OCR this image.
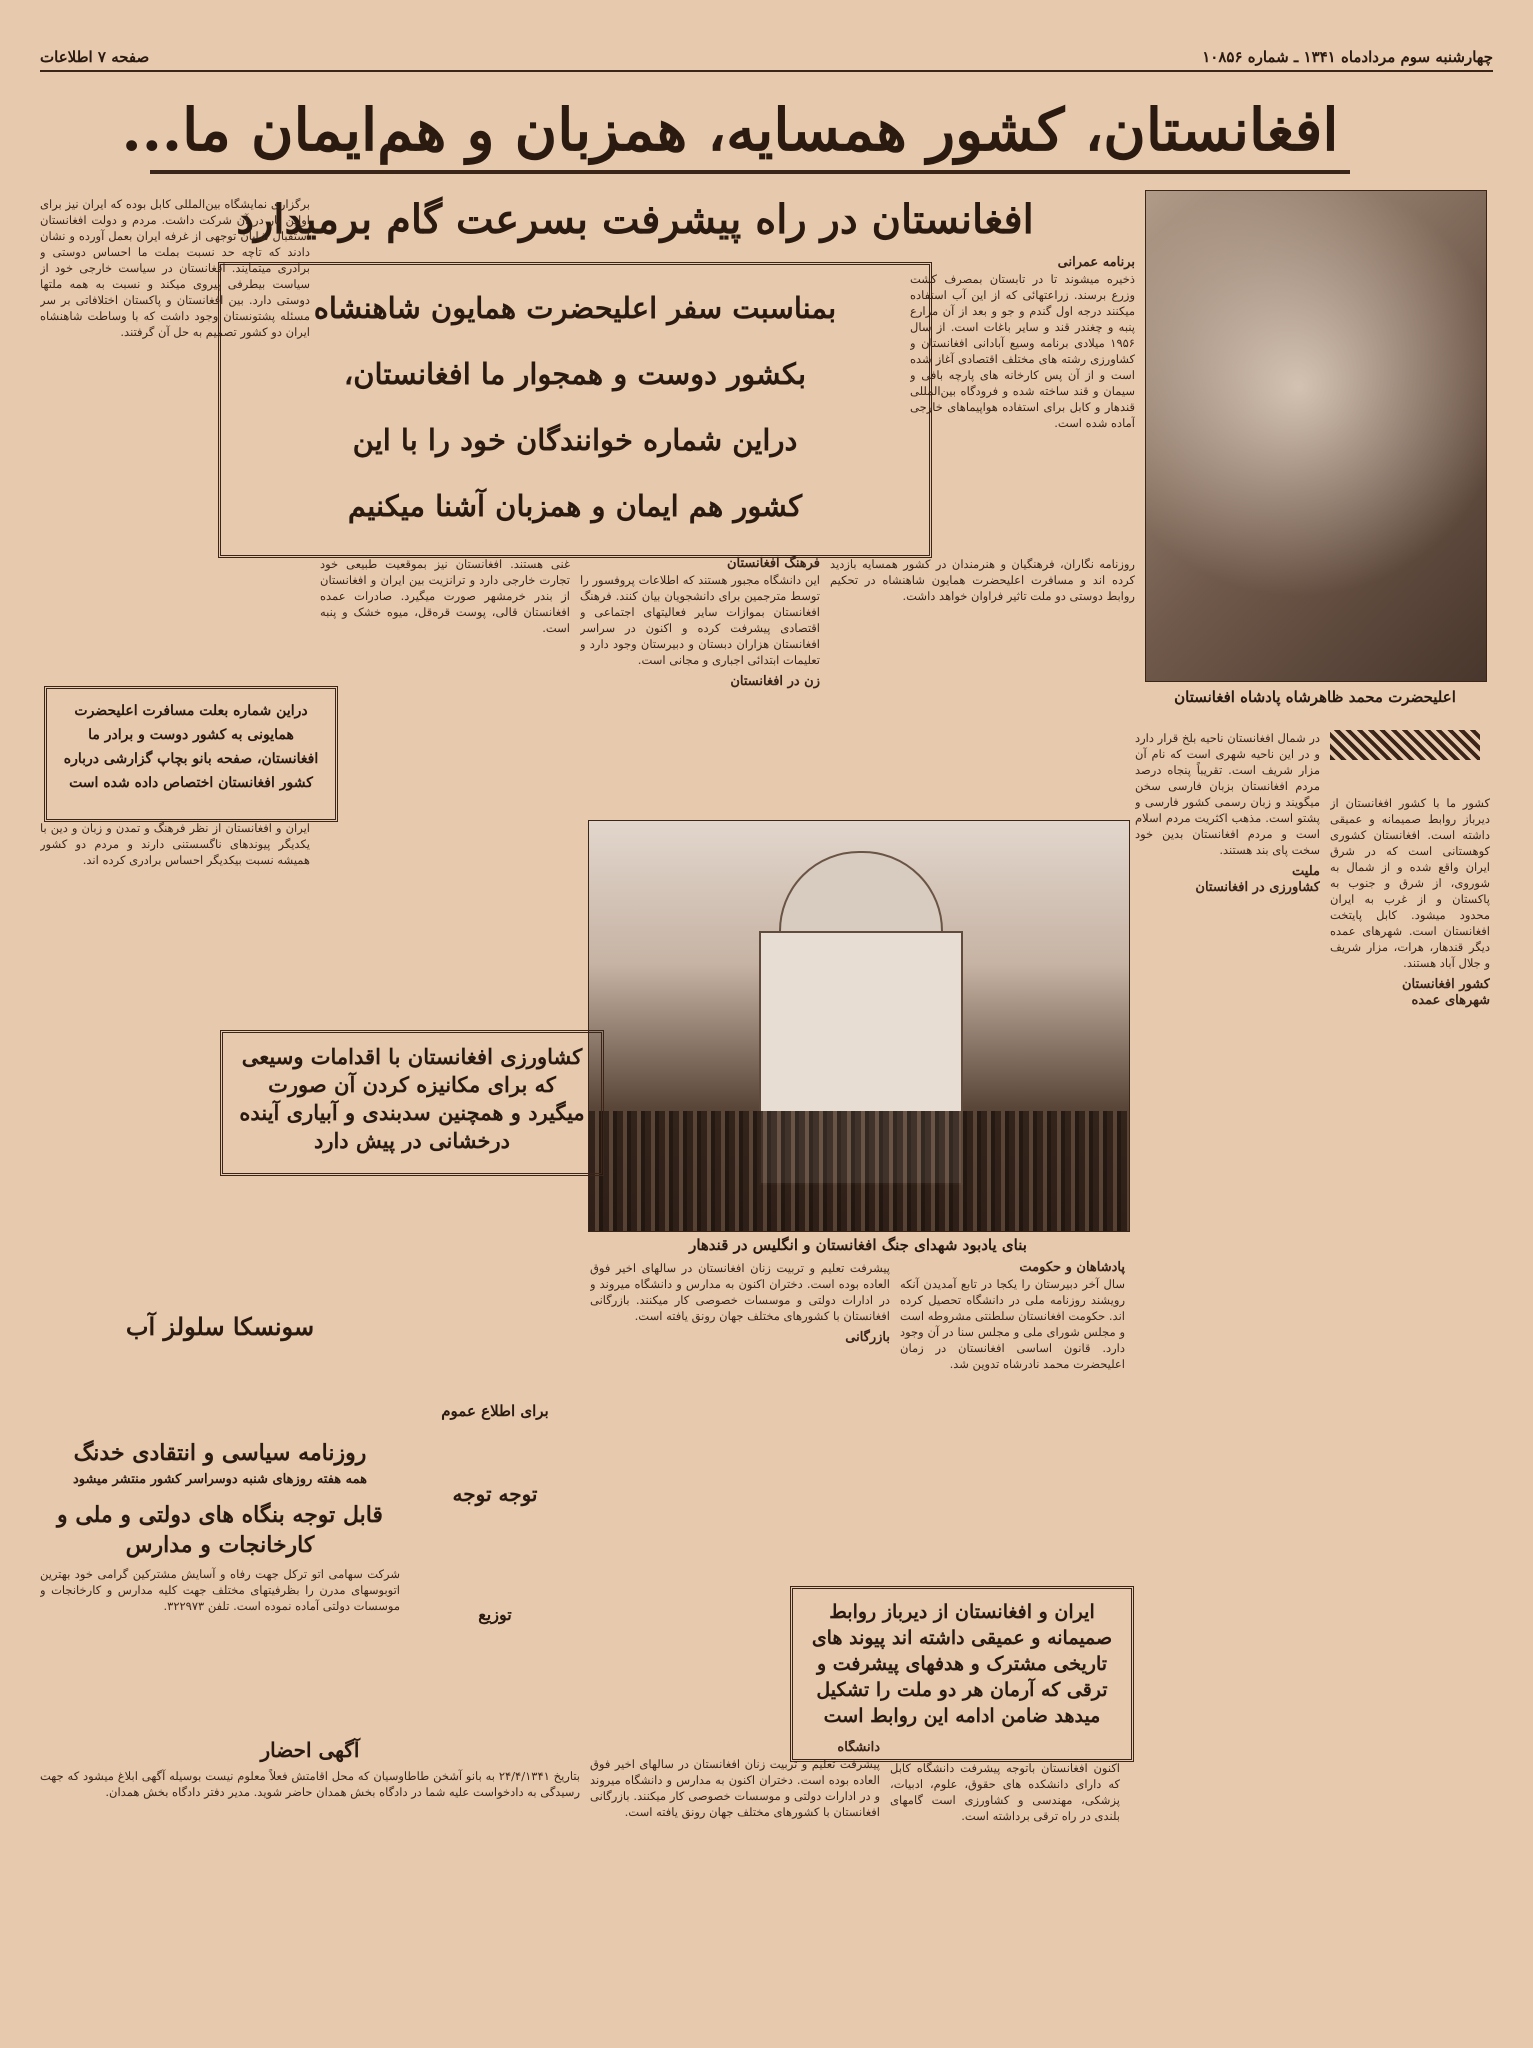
چهارشنبه سوم مردادماه ۱۳۴۱ ـ شماره ۱۰۸۵۶
صفحه ۷ اطلاعات
افغانستان، کشور همسایه، همزبان و هم‌ایمان ما...
اعلیحضرت محمد ظاهرشاه پادشاه افغانستان
افغانستان در راه پیشرفت بسرعت گام برمیدارد
بمناسبت سفر اعلیحضرت همایون شاهنشاه
بکشور دوست و همجوار ما افغانستان،
دراین شماره خوانندگان خود را با این
کشور هم ایمان و همزبان آشنا میکنیم

برگزاری نمایشگاه بین‌المللی کابل بوده که ایران نیز برای اولین بار در آن شرکت داشت. مردم و دولت افغانستان استقبال شایان توجهی از غرفه ایران بعمل آورده و نشان دادند که تاچه حد نسبت بملت ما احساس دوستی و برادری میتمایند. افغانستان در سیاست خارجی خود از سیاست بیطرفی پیروی میکند و نسبت به همه ملتها دوستی دارد. بین افغانستان و پاکستان اختلافاتی بر سر مسئله پشتونستان وجود داشت که با وساطت شاهنشاه ایران دو کشور تصمیم به حل آن گرفتند.

برنامه عمرانی

ذخیره میشوند تا در تابستان بمصرف کشت وزرع برسند. زراعتهائی که از این آب استفاده میکنند درجه اول گندم و جو و بعد از آن مزارع پنبه و چغندر قند و سایر باغات است. از سال ۱۹۵۶ میلادی برنامه وسیع آبادانی افغانستان و کشاورزی رشته های مختلف اقتصادی آغاز شده است و از آن پس کارخانه های پارچه بافی و سیمان و قند ساخته شده و فرودگاه بین‌المللی قندهار و کابل برای استفاده هواپیماهای خارجی آماده شده است.

دراین شماره بعلت مسافرت اعلیحضرت همایونی به کشور دوست و برادر ما افغانستان، صفحه بانو بچاپ گزارشی درباره کشور افغانستان اختصاص داده شده است
فرهنگ افغانستان

این دانشگاه مجبور هستند که اطلاعات پروفسور را توسط مترجمین برای دانشجویان بیان کنند. فرهنگ افغانستان بموازات سایر فعالیتهای اجتماعی و اقتصادی پیشرفت کرده و اکنون در سراسر افغانستان هزاران دبستان و دبیرستان وجود دارد و تعلیمات ابتدائی اجباری و مجانی است.

زن در افغانستان

غنی هستند. افغانستان نیز بموقعیت طبیعی خود تجارت خارجی دارد و ترانزیت بین ایران و افغانستان از بندر خرمشهر صورت میگیرد. صادرات عمده افغانستان قالی، پوست قره‌قل، میوه خشک و پنبه است.

روزنامه نگاران، فرهنگیان و هنرمندان در کشور همسایه بازدید کرده اند و مسافرت اعلیحضرت همایون شاهنشاه در تحکیم روابط دوستی دو ملت تاثیر فراوان خواهد داشت.

بنای یادبود شهدای جنگ افغانستان و انگلیس در قندهار

ایران و افغانستان از نظر فرهنگ و تمدن و زبان و دین با یکدیگر پیوندهای ناگسستنی دارند و مردم دو کشور همیشه نسبت بیکدیگر احساس برادری کرده اند.

کشاورزی افغانستان با اقدامات وسیعی که برای مکانیزه کردن آن صورت میگیرد و همچنین سدبندی و آبیاری آینده درخشانی در پیش دارد

در شمال افغانستان ناحیه بلخ قرار دارد و در این ناحیه شهری است که نام آن مزار شریف است. تقریباً پنجاه درصد مردم افغانستان بزبان فارسی سخن میگویند و زبان رسمی کشور فارسی و پشتو است. مذهب اکثریت مردم اسلام است و مردم افغانستان بدین خود سخت پای بند هستند.

ملیت
کشاورزی در افغانستان

کشور ما با کشور افغانستان از دیرباز روابط صمیمانه و عمیقی داشته است. افغانستان کشوری کوهستانی است که در شرق ایران واقع شده و از شمال به شوروی، از شرق و جنوب به پاکستان و از غرب به ایران محدود میشود. کابل پایتخت افغانستان است. شهرهای عمده دیگر قندهار، هرات، مزار شریف و جلال آباد هستند.

کشور افغانستان
شهرهای عمده
پادشاهان و حکومت

سال آخر دبیرستان را یکجا در تابع آمدیدن آنکه رویشند روزنامه ملی در دانشگاه تحصیل کرده اند. حکومت افغانستان سلطنتی مشروطه است و مجلس شورای ملی و مجلس سنا در آن وجود دارد. قانون اساسی افغانستان در زمان اعلیحضرت محمد نادرشاه تدوین شد.

پیشرفت تعلیم و تربیت زنان افغانستان در سالهای اخیر فوق العاده بوده است. دختران اکنون به مدارس و دانشگاه میروند و در ادارات دولتی و موسسات خصوصی کار میکنند. بازرگانی افغانستان با کشورهای مختلف جهان رونق یافته است.

بازرگانی
سونسکا سلولز آب
روزنامه سیاسی و انتقادی خدنگ
همه هفته روزهای شنبه دوسراسر کشور منتشر میشود
قابل توجه بنگاه های دولتی و ملی و کارخانجات و مدارس

شرکت سهامی اتو ترکل جهت رفاه و آسایش مشترکین گرامی خود بهترین اتوبوسهای مدرن را بظرفیتهای مختلف جهت کلیه مدارس و کارخانجات و موسسات دولتی آماده نموده است. تلفن ۳۲۲۹۷۳.

برای اطلاع عموم
توجه توجه
توزیع	ایران و افغانستان از دیرباز روابط صمیمانه و عمیقی داشته اند پیوند های تاریخی مشترک و هدفهای پیشرفت و ترقی که آرمان هر دو ملت را تشکیل میدهد ضامن ادامه این روابط است

اکنون افغانستان باتوجه پیشرفت دانشگاه کابل که دارای دانشکده های حقوق، علوم، ادبیات، پزشکی، مهندسی و کشاورزی است گامهای بلندی در راه ترقی برداشته است.

دانشگاه

پیشرفت تعلیم و تربیت زنان افغانستان در سالهای اخیر فوق العاده بوده است. دختران اکنون به مدارس و دانشگاه میروند و در ادارات دولتی و موسسات خصوصی کار میکنند. بازرگانی افغانستان با کشورهای مختلف جهان رونق یافته است.

آگهی احضار

بتاریخ ۲۴/۴/۱۳۴۱ به بانو آشخن طاطاوسیان که محل اقامتش فعلاً معلوم نیست بوسیله آگهی ابلاغ میشود که جهت رسیدگی به دادخواست علیه شما در دادگاه بخش همدان حاضر شوید. مدیر دفتر دادگاه بخش همدان.
